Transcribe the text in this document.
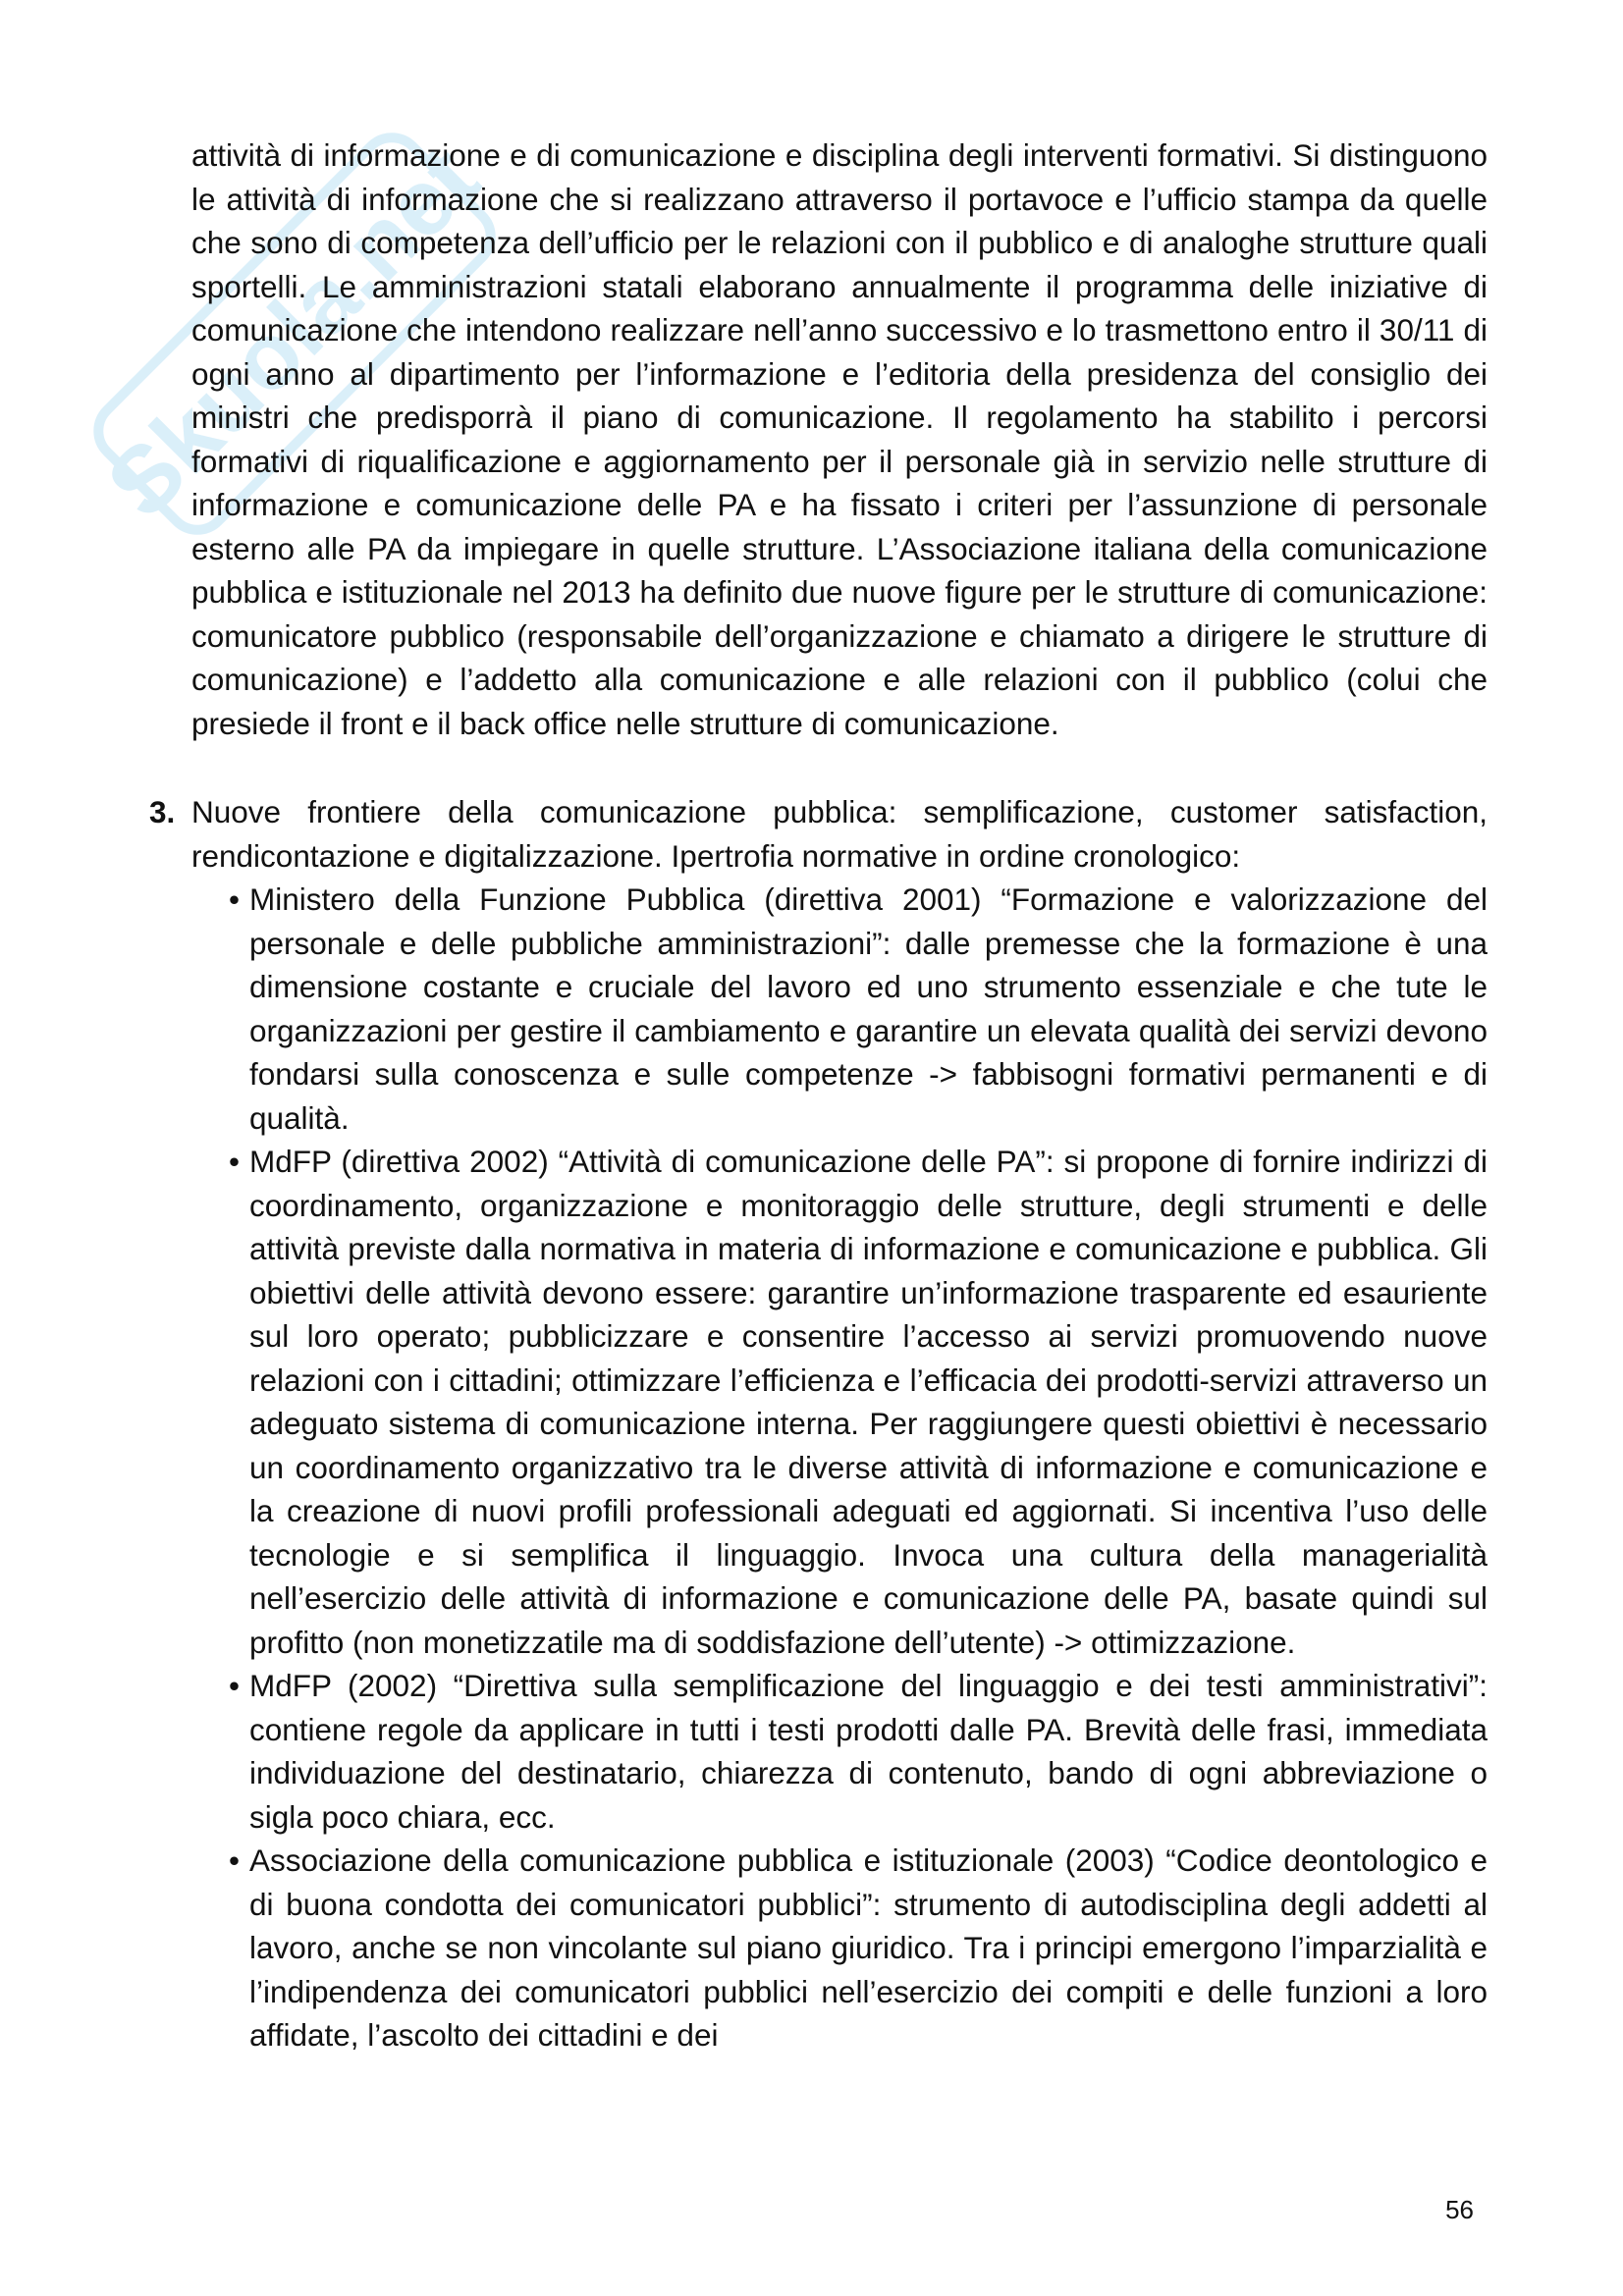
Skuola.net

attività di informazione e di comunicazione e disciplina degli interventi formativi. Si distinguono le attività di informazione che si realizzano attraverso il portavoce e l’ufficio stampa da quelle che sono di competenza dell’ufficio per le relazioni con il pubblico e di analoghe strutture quali sportelli. Le amministrazioni statali elaborano annualmente il programma delle iniziative di comunicazione che intendono realizzare nell’anno successivo e lo trasmettono entro il 30/11 di ogni anno al dipartimento per l’informazione e l’editoria della presidenza del consiglio dei ministri che predisporrà il piano di comunicazione. Il regolamento ha stabilito i percorsi formativi di riqualificazione e aggiornamento per il personale già in servizio nelle strutture di informazione e comunicazione delle PA e ha fissato i criteri per l’assunzione di personale esterno alle PA da impiegare in quelle strutture. L’Associazione italiana della comunicazione pubblica e istituzionale nel 2013 ha definito due nuove figure per le strutture di comunicazione: comunicatore pubblico (responsabile dell’organizzazione e chiamato a dirigere le strutture di comunicazione) e l’addetto alla comunicazione e alle relazioni con il pubblico (colui che presiede il front e il back office nelle strutture di comunicazione.

3. Nuove frontiere della comunicazione pubblica: semplificazione, customer satisfaction, rendicontazione e digitalizzazione. Ipertrofia normative in ordine cronologico:

• Ministero della Funzione Pubblica (direttiva 2001) “Formazione e valorizzazione del personale e delle pubbliche amministrazioni”: dalle premesse che la formazione è una dimensione costante e cruciale del lavoro ed uno strumento essenziale e che tute le organizzazioni per gestire il cambiamento e garantire un elevata qualità dei servizi devono fondarsi sulla conoscenza e sulle competenze -> fabbisogni formativi permanenti e di qualità.
• MdFP (direttiva 2002) “Attività di comunicazione delle PA”: si propone di fornire indirizzi di coordinamento, organizzazione e monitoraggio delle strutture, degli strumenti e delle attività previste dalla normativa in materia di informazione e comunicazione e pubblica. Gli obiettivi delle attività devono essere: garantire un’informazione trasparente ed esauriente sul loro operato; pubblicizzare e consentire l’accesso ai servizi promuovendo nuove relazioni con i cittadini; ottimizzare l’efficienza e l’efficacia dei prodotti-servizi attraverso un adeguato sistema di comunicazione interna. Per raggiungere questi obiettivi è necessario un coordinamento organizzativo tra le diverse attività di informazione e comunicazione e la creazione di nuovi profili professionali adeguati ed aggiornati. Si incentiva l’uso delle tecnologie e si semplifica il linguaggio. Invoca una cultura della managerialità nell’esercizio delle attività di informazione e comunicazione delle PA, basate quindi sul profitto (non monetizzatile ma di soddisfazione dell’utente) -> ottimizzazione.
• MdFP (2002) “Direttiva sulla semplificazione del linguaggio e dei testi amministrativi”: contiene regole da applicare in tutti i testi prodotti dalle PA. Brevità delle frasi, immediata individuazione del destinatario, chiarezza di contenuto, bando di ogni abbreviazione o sigla poco chiara, ecc.
• Associazione della comunicazione pubblica e istituzionale (2003) “Codice deontologico e di buona condotta dei comunicatori pubblici”: strumento di autodisciplina degli addetti al lavoro, anche se non vincolante sul piano giuridico. Tra i principi emergono l’imparzialità e l’indipendenza dei comunicatori pubblici nell’esercizio dei compiti e delle funzioni a loro affidate, l’ascolto dei cittadini e dei
56
